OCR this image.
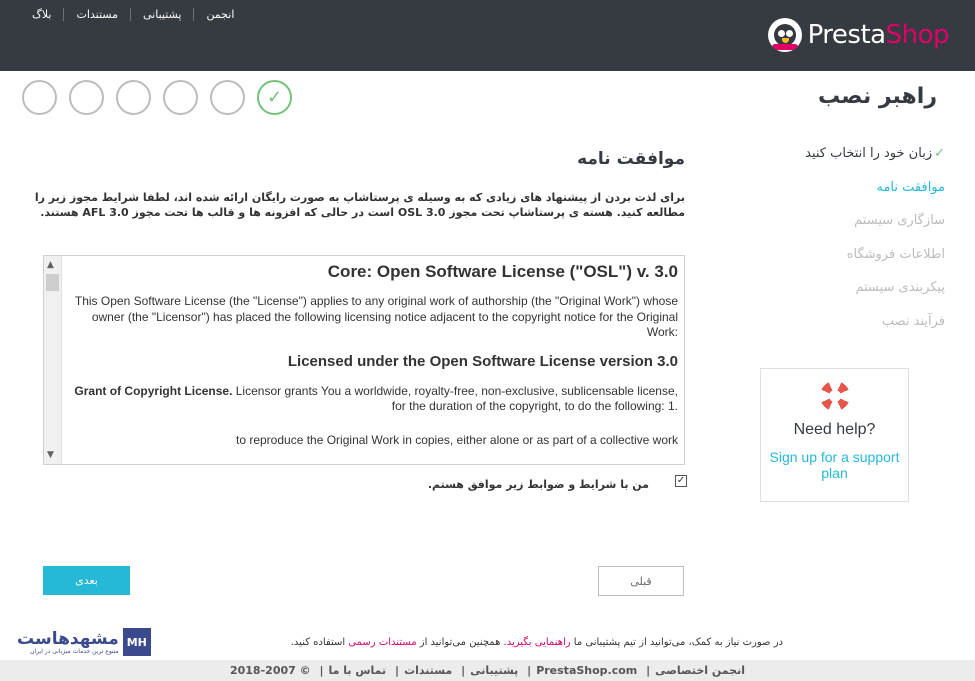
انجمن
پشتیبانی
مستندات
بلاگ
PrestaShop
✓	راهبر نصب
✓زبان خود را انتخاب کنید
موافقت نامه
سازگاری سیستم
اطلاعات فروشگاه
پیکربندی سیستم
فرآیند نصب
Need help?
Sign up for a support plan
موافقت نامه
برای لذت بردن از پیشنهاد های زیادی که به وسیله ی پرستاشاپ به صورت رایگان ارائه شده اند، لطفا شرایط مجوز زیر را مطالعه کنید. هسته ی پرستاشاپ تحت مجوز OSL 3.0 است در حالی که افزونه ها و قالب ها تحت مجوز AFL 3.0 هستند.
▲
▼
Core: Open Software License ("OSL") v. 3.0
This Open Software License (the "License") applies to any original work of authorship (the "Original Work") whose owner (the "Licensor") has placed the following licensing notice adjacent to the copyright notice for the Original Work:
Licensed under the Open Software License version 3.0
Grant of Copyright License. Licensor grants You a worldwide, royalty-free, non-exclusive, sublicensable license, for the duration of the copyright, to do the following: 1.
to reproduce the Original Work in copies, either alone or as part of a collective work
✓
من با شرایط و ضوابط زیر موافق هستم.
بعدی	قبلی
در صورت نیاز به کمک، می‌توانید از تیم پشتیبانی ما راهنمایی بگیرید. همچنین می‌توانید از مستندات رسمی استفاده کنید.
مشهدهاست
متنوع ترین خدمات میزبانی در ایران
MH
انجمن اختصاصی| PrestaShop.com| پشتیبانی| مستندات| تماس با ما| © 2007-2018
